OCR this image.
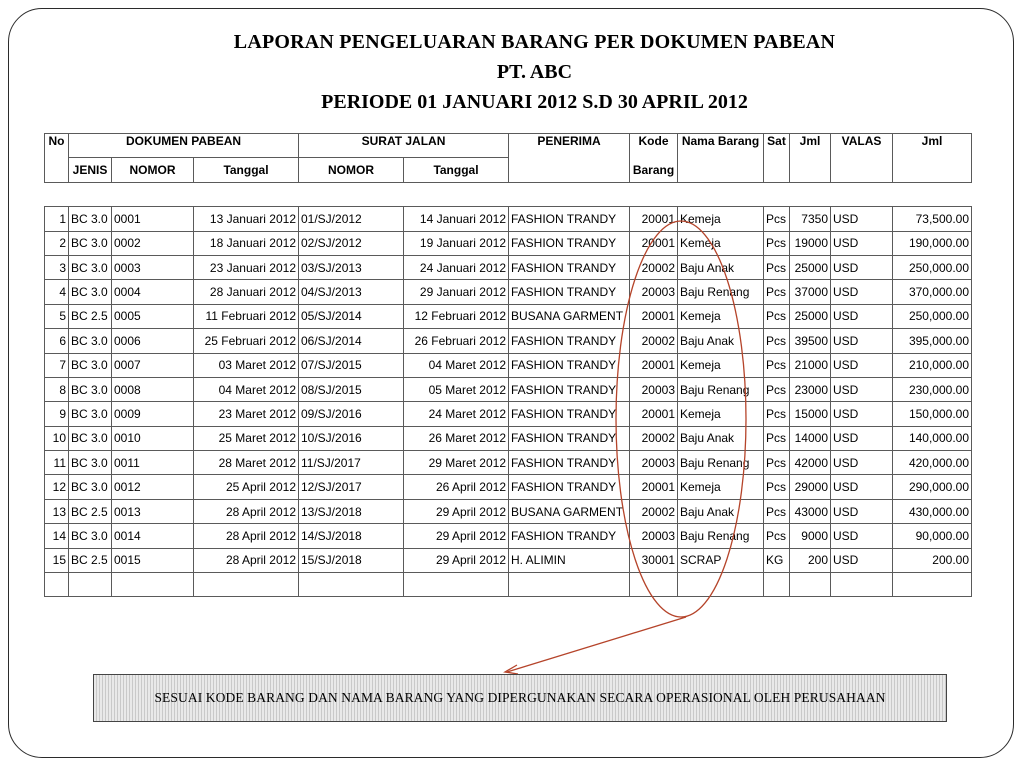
LAPORAN PENGELUARAN BARANG PER DOKUMEN PABEAN
PT. ABC
PERIODE 01 JANUARI 2012 S.D 30 APRIL 2012
No	DOKUMEN PABEAN			SURAT JALAN		PENERIMA	Kode	Nama Barang	Sat	Jml	VALAS	Jml
	JENIS	NOMOR	Tanggal	NOMOR	Tanggal		Barang					

1	BC 3.0	0001	13 Januari 2012	01/SJ/2012	14 Januari 2012	FASHION TRANDY	20001	Kemeja	Pcs	7350	USD	73,500.00
2	BC 3.0	0002	18 Januari 2012	02/SJ/2012	19 Januari 2012	FASHION TRANDY	20001	Kemeja	Pcs	19000	USD	190,000.00
3	BC 3.0	0003	23 Januari 2012	03/SJ/2013	24 Januari 2012	FASHION TRANDY	20002	Baju Anak	Pcs	25000	USD	250,000.00
4	BC 3.0	0004	28 Januari 2012	04/SJ/2013	29 Januari 2012	FASHION TRANDY	20003	Baju Renang	Pcs	37000	USD	370,000.00
5	BC 2.5	0005	11 Februari 2012	05/SJ/2014	12 Februari 2012	BUSANA GARMENT	20001	Kemeja	Pcs	25000	USD	250,000.00
6	BC 3.0	0006	25 Februari 2012	06/SJ/2014	26 Februari 2012	FASHION TRANDY	20002	Baju Anak	Pcs	39500	USD	395,000.00
7	BC 3.0	0007	03 Maret 2012	07/SJ/2015	04 Maret 2012	FASHION TRANDY	20001	Kemeja	Pcs	21000	USD	210,000.00
8	BC 3.0	0008	04 Maret 2012	08/SJ/2015	05 Maret 2012	FASHION TRANDY	20003	Baju Renang	Pcs	23000	USD	230,000.00
9	BC 3.0	0009	23 Maret 2012	09/SJ/2016	24 Maret 2012	FASHION TRANDY	20001	Kemeja	Pcs	15000	USD	150,000.00
10	BC 3.0	0010	25 Maret 2012	10/SJ/2016	26 Maret 2012	FASHION TRANDY	20002	Baju Anak	Pcs	14000	USD	140,000.00
11	BC 3.0	0011	28 Maret 2012	11/SJ/2017	29 Maret 2012	FASHION TRANDY	20003	Baju Renang	Pcs	42000	USD	420,000.00
12	BC 3.0	0012	25 April 2012	12/SJ/2017	26 April 2012	FASHION TRANDY	20001	Kemeja	Pcs	29000	USD	290,000.00
13	BC 2.5	0013	28 April 2012	13/SJ/2018	29 April 2012	BUSANA GARMENT	20002	Baju Anak	Pcs	43000	USD	430,000.00
14	BC 3.0	0014	28 April 2012	14/SJ/2018	29 April 2012	FASHION TRANDY	20003	Baju Renang	Pcs	9000	USD	90,000.00
15	BC 2.5	0015	28 April 2012	15/SJ/2018	29 April 2012	H. ALIMIN	30001	SCRAP	KG	200	USD	200.00

SESUAI KODE BARANG DAN NAMA BARANG YANG DIPERGUNAKAN SECARA OPERASIONAL OLEH PERUSAHAAN
